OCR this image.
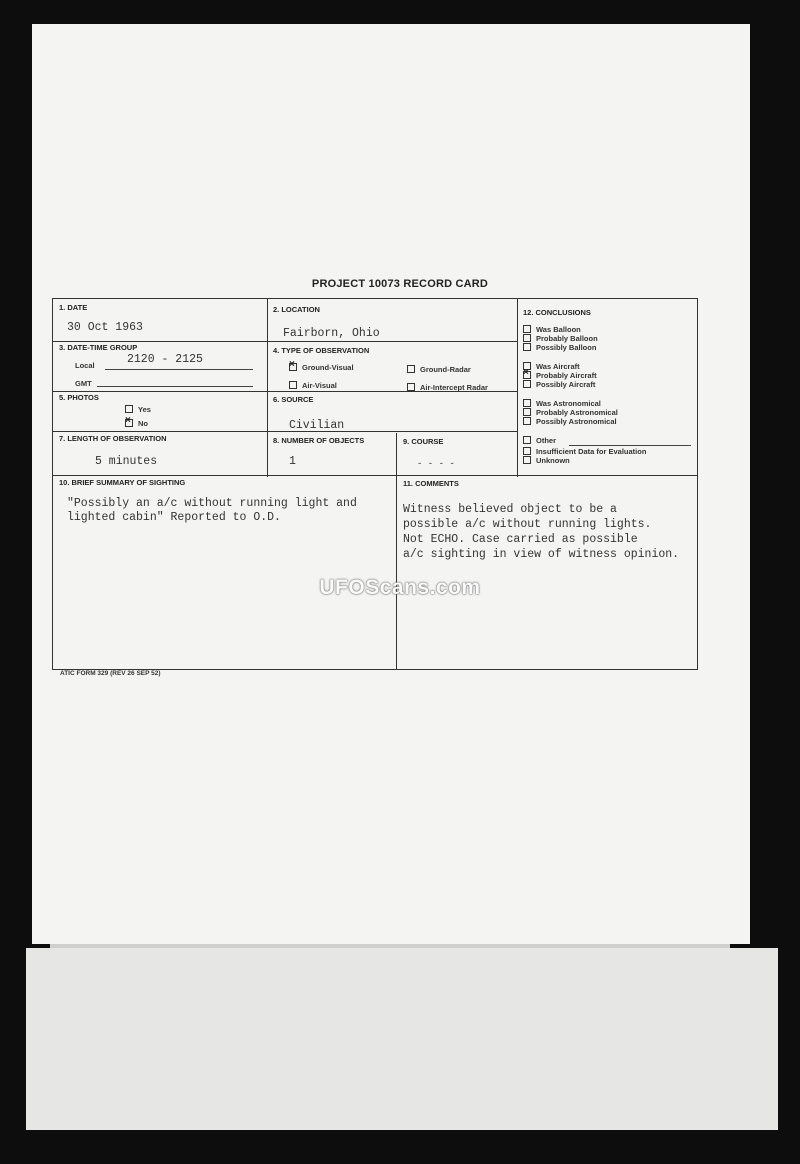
PROJECT 10073 RECORD CARD
1. DATE
30 Oct 1963
2. LOCATION
Fairborn, Ohio
3. DATE-TIME GROUP
Local	2120 - 2125
GMT
4. TYPE OF OBSERVATION
×Ground-Visual	Ground-Radar
Air-Visual	Air-Intercept Radar
5. PHOTOS
Yes
×No
6. SOURCE
Civilian
7. LENGTH OF OBSERVATION
5 minutes
8. NUMBER OF OBJECTS
1
9. COURSE
- - - -
10. BRIEF SUMMARY OF SIGHTING
"Possibly an a/c without running light and
lighted cabin" Reported to O.D.
11. COMMENTS
Witness believed object to be a
possible a/c without running lights.
Not ECHO. Case carried as possible
a/c sighting in view of witness opinion.
12. CONCLUSIONS
Was Balloon
Probably Balloon
Possibly Balloon
Was Aircraft
×Probably Aircraft
Possibly Aircraft
Was Astronomical
Probably Astronomical
Possibly Astronomical
Other
Insufficient Data for Evaluation
Unknown
UFOScans.com
ATIC FORM 329 (REV 26 SEP 52)
